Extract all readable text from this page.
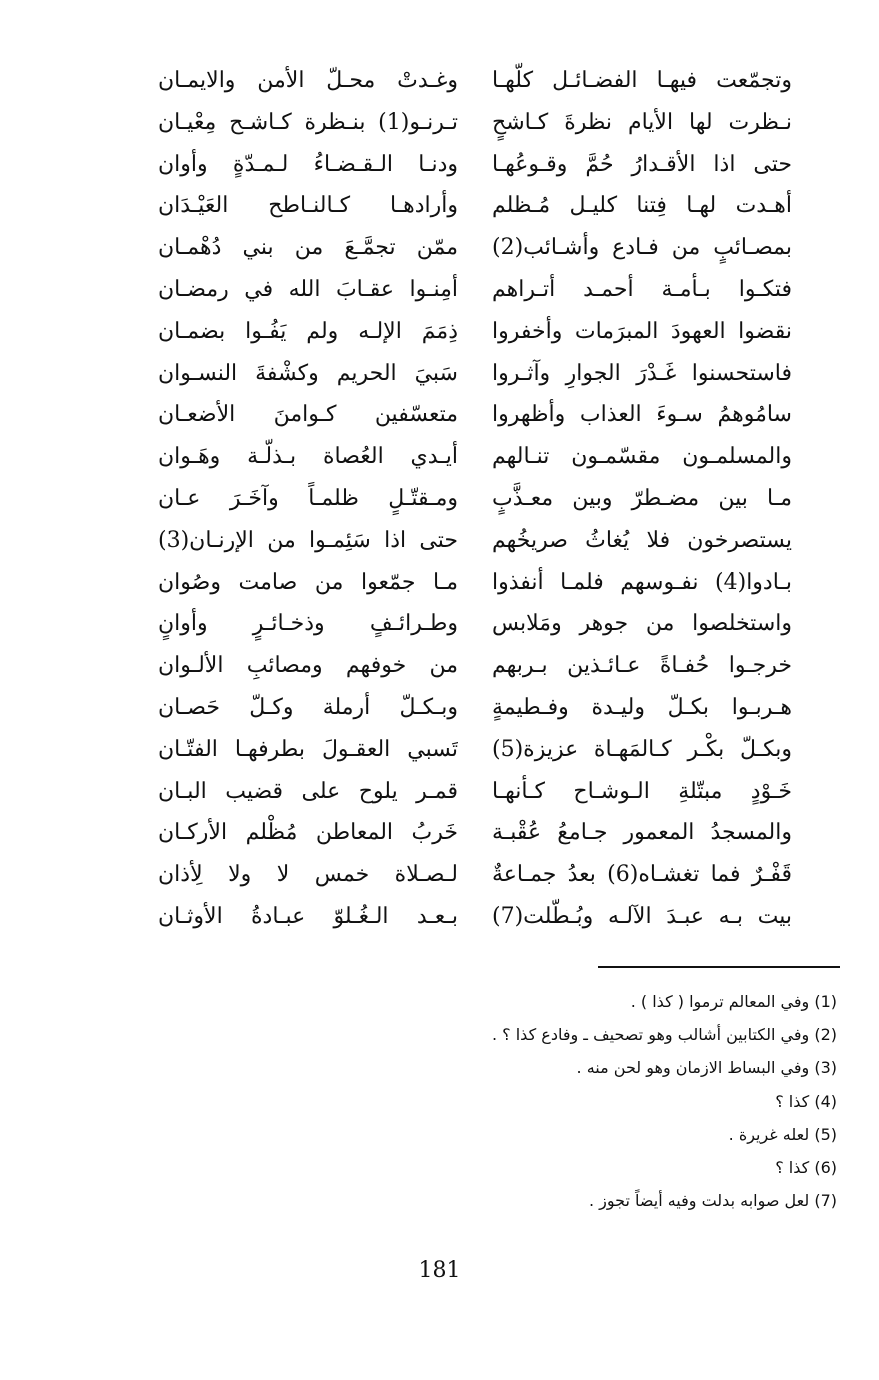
وتجمّعت فيهـا الفضـائـل كلّهـا
نـظرت لها الأيام نظرةَ كـاشحٍ
حتى اذا الأقـدارُ حُمَّ وقـوعُهـا
أهـدت لهـا فِتنا كليـل مُـظلم
بمصـائبٍ من فـادع وأشـائب(2)
فتكـوا بـأمـة أحمـد أتـراهم
نقضوا العهودَ المبرَمات وأخفروا
فاستحسنوا غَـدْرَ الجوارِ وآثـروا
سامُوهمُ سـوءَ العذاب وأظهروا
والمسلمـون مقسّمـون تنـالهم
مـا بين مضـطرّ وبين معـذَّبٍ
يستصرخون فلا يُغاثُ صريخُهم
بـادوا(4) نفـوسهم فلمـا أنفذوا
واستخلصوا من جوهر ومَلابس
خرجـوا حُفـاةً عـائـذين بـربهم
هـربـوا بكـلّ وليـدة وفـطيمةٍ
وبكـلّ بكْـر كـالمَهـاة عزيزة(5)
خَـوْدٍ مبتّلةِ الـوشـاح كـأنهـا
والمسجدُ المعمور جـامعُ عُقْبـة
قَفْـرٌ فما تغشـاه(6) بعدُ جمـاعةٌ
بيت بـه عبـدَ الآلـه وبُـطّلت(7)
وغـدتْ محـلّ الأمن والايمـان
تـرنـو(1) بنـظرة كـاشـح مِعْيـان
ودنـا الـقـضـاءُ لـمـدّةٍ وأوان
وأرادهـا كـالنـاطح العَيْـدَان
ممّن تجمَّـعَ من بني دُهْمـان
أمِنـوا عقـابَ الله في رمضـان
ذِمَمَ الإلـه ولم يَفُـوا بضمـان
سَبيَ الحريم وكشْفةَ النسـوان
متعسّفين كـوامنَ الأضعـان
أيـدي العُصاة بـذلّـة وهَـوان
ومـقتّـلٍ ظلمـاً وآخَـرَ عـان
حتى اذا سَئِمـوا من الإرنـان(3)
مـا جمّعوا من صامت وصُوان
وطـرائـفٍ وذخـائـرٍ وأوانٍ
من خوفهم ومصائبِ الألـوان
وبـكـلّ أرملة وكـلّ حَصـان
تَسبي العقـولَ بطرفهـا الفتّـان
قمـر يلوح على قضيب البـان
خَربُ المعاطن مُظْلم الأركـان
لـصـلاة خمس لا ولا لِأذان
بـعـد الـغُـلوّ عبـادةُ الأوثـان
(1) وفي المعالم ترموا ( كذا ) .
(2) وفي الكتابين أشالب وهو تصحيف ـ وفادع كذا ؟ .
(3) وفي البساط الازمان وهو لحن منه .
(4) كذا ؟
(5) لعله غريرة .
(6) كذا ؟
(7) لعل صوابه بدلت وفيه أيضاً تجوز .
181
